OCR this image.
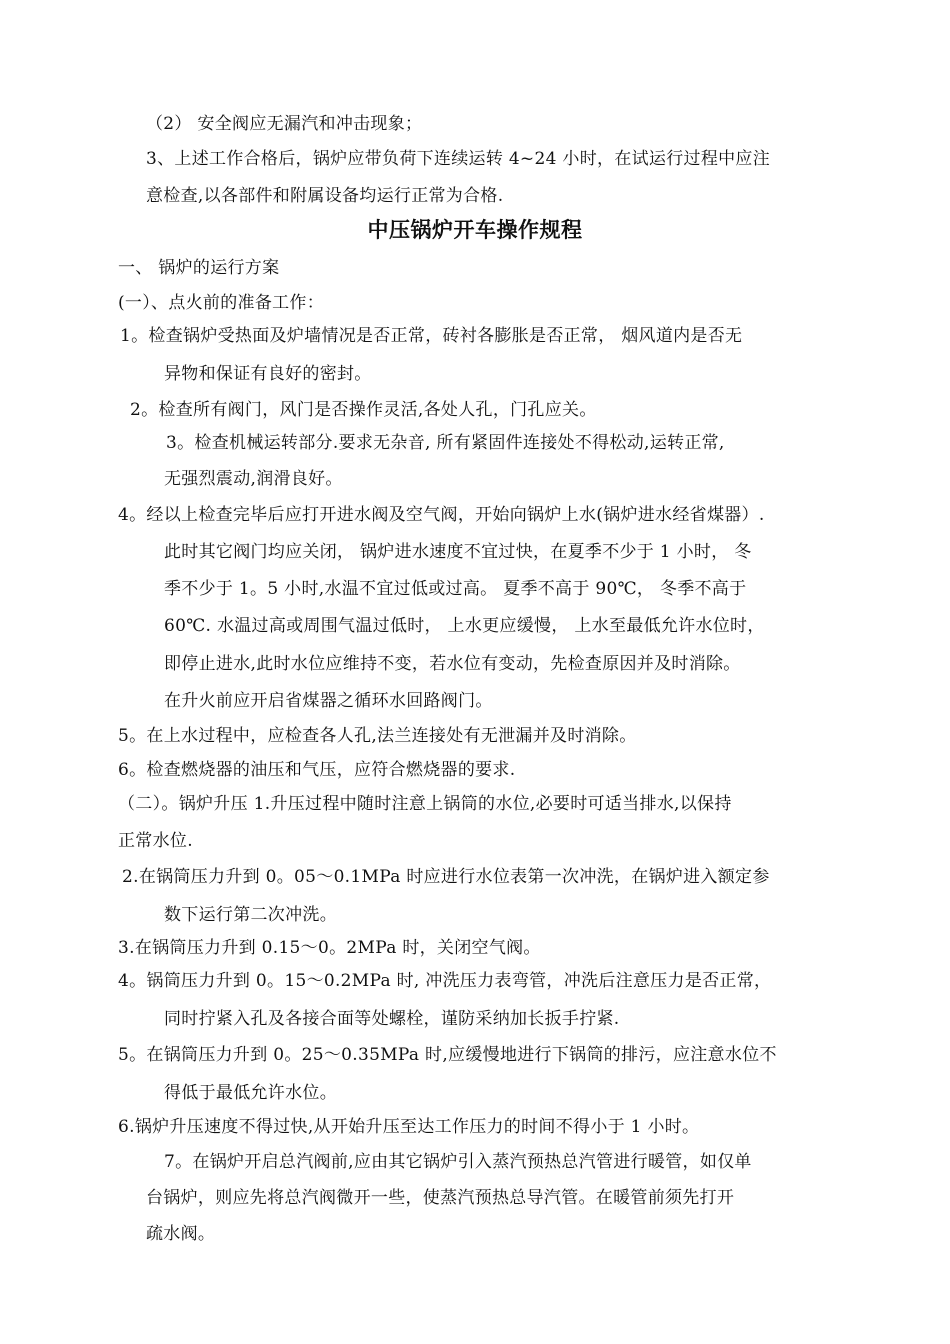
（2） 安全阀应无漏汽和冲击现象；
3、上述工作合格后，锅炉应带负荷下连续运转 4~24 小时，在试运行过程中应注
意检查,以各部件和附属设备均运行正常为合格.
中压锅炉开车操作规程
一、 锅炉的运行方案
(一）、点火前的准备工作：
1。检查锅炉受热面及炉墙情况是否正常，砖衬各膨胀是否正常， 烟风道内是否无
异物和保证有良好的密封。
2。检查所有阀门，风门是否操作灵活,各处人孔，门孔应关。
3。检查机械运转部分.要求无杂音, 所有紧固件连接处不得松动,运转正常,
无强烈震动,润滑良好。
4。经以上检查完毕后应打开进水阀及空气阀，开始向锅炉上水(锅炉进水经省煤器）.
此时其它阀门均应关闭， 锅炉进水速度不宜过快，在夏季不少于 1 小时， 冬
季不少于 1。5 小时,水温不宜过低或过高。 夏季不高于 90℃， 冬季不高于
60℃. 水温过高或周围气温过低时， 上水更应缓慢， 上水至最低允许水位时，
即停止进水,此时水位应维持不变，若水位有变动，先检查原因并及时消除。
在升火前应开启省煤器之循环水回路阀门。
5。在上水过程中，应检查各人孔,法兰连接处有无泄漏并及时消除。
6。检查燃烧器的油压和气压，应符合燃烧器的要求.
（二）。锅炉升压 1.升压过程中随时注意上锅筒的水位,必要时可适当排水,以保持
正常水位.
2.在锅筒压力升到 0。05～0.1MPa 时应进行水位表第一次冲洗，在锅炉进入额定参
数下运行第二次冲洗。
3.在锅筒压力升到 0.15～0。2MPa 时，关闭空气阀。
4。锅筒压力升到 0。15～0.2MPa 时, 冲洗压力表弯管，冲洗后注意压力是否正常，
同时拧紧入孔及各接合面等处螺栓，谨防采纳加长扳手拧紧.
5。在锅筒压力升到 0。25～0.35MPa 时,应缓慢地进行下锅筒的排污，应注意水位不
得低于最低允许水位。
6.锅炉升压速度不得过快,从开始升压至达工作压力的时间不得小于 1 小时。
7。在锅炉开启总汽阀前,应由其它锅炉引入蒸汽预热总汽管进行暖管，如仅单
台锅炉，则应先将总汽阀微开一些，使蒸汽预热总导汽管。在暖管前须先打开
疏水阀。
